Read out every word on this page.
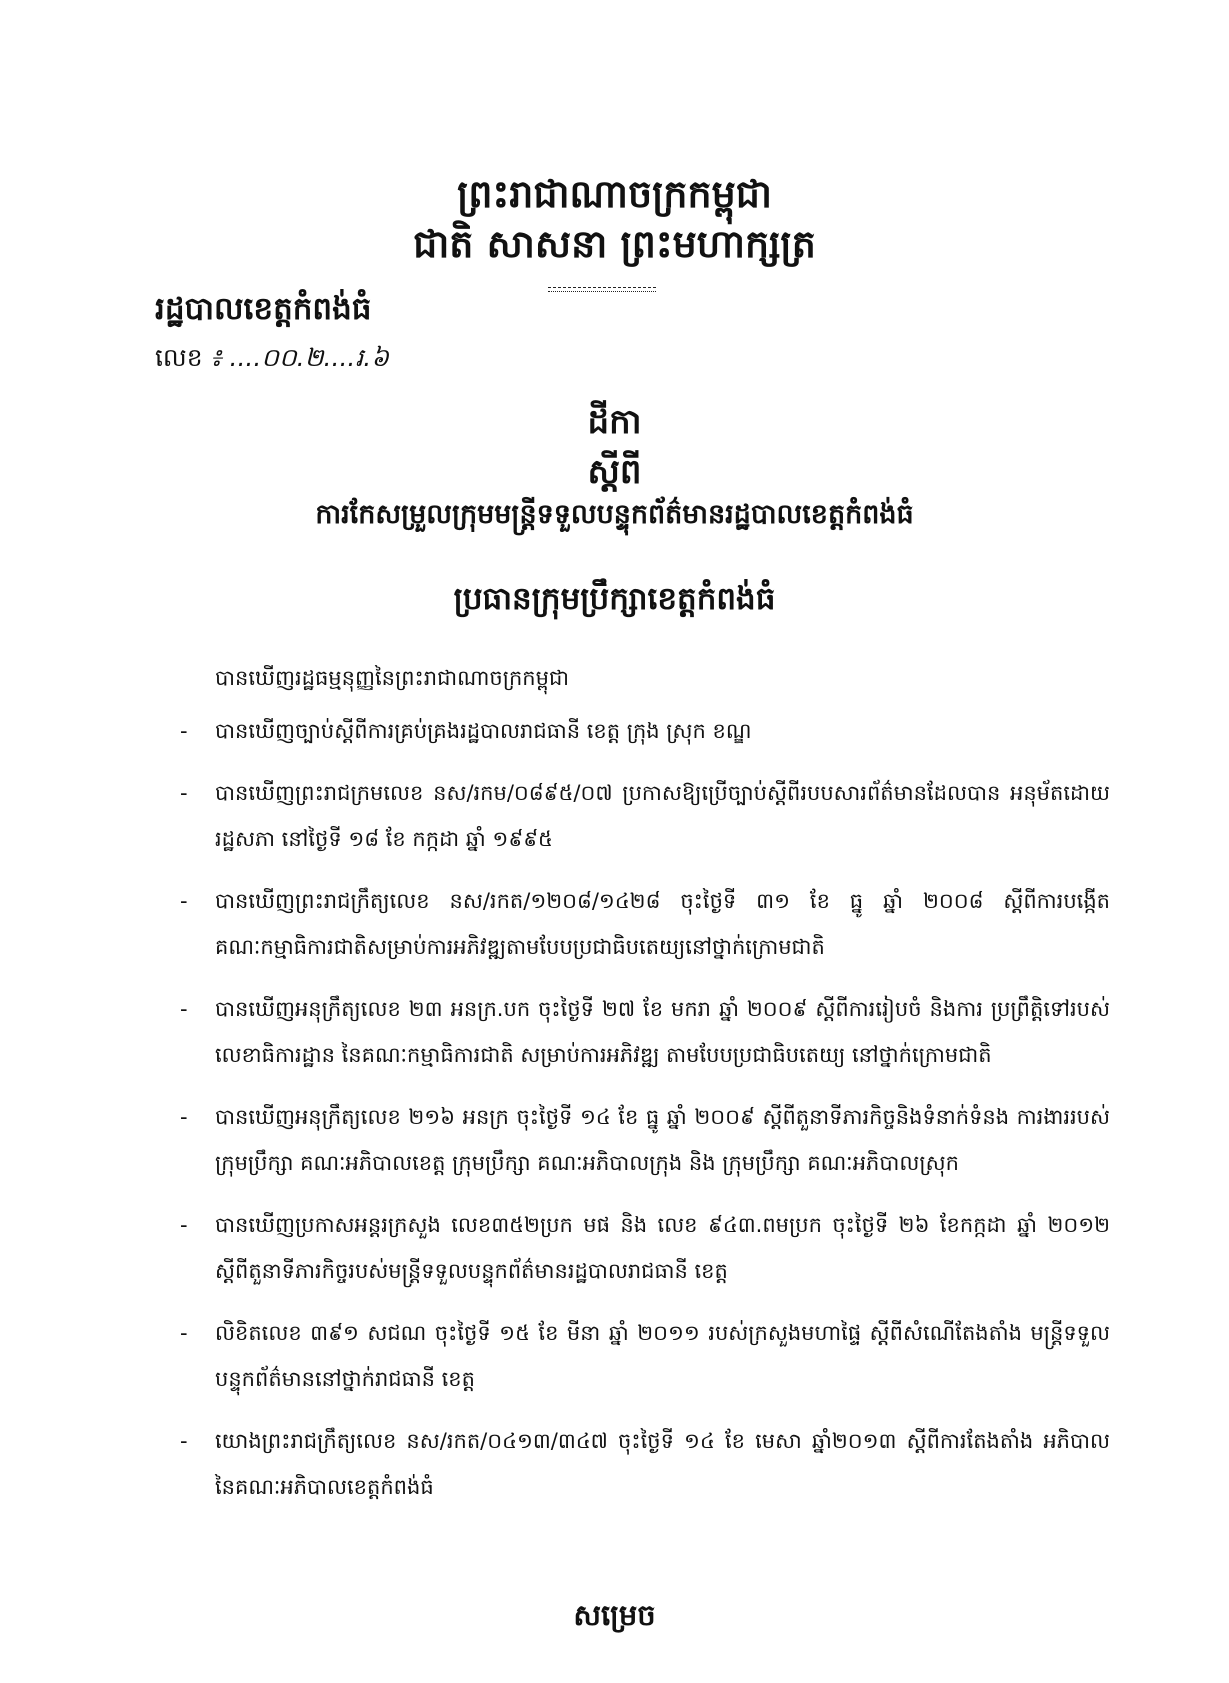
ព្រះរាជាណាចក្រកម្ពុជា
ជាតិ សាសនា ព្រះមហាក្សត្រ
រដ្ឋបាលខេត្តកំពង់ធំ
លេខ ៖ ....០០.២....រ.៦
ដីកា
ស្តីពី
ការកែសម្រួលក្រុមមន្ត្រីទទួលបន្ទុកព័ត៌មានរដ្ឋបាលខេត្តកំពង់ធំ
ប្រធានក្រុមប្រឹក្សាខេត្តកំពង់ធំ
បានឃើញរដ្ឋធម្មនុញ្ញនៃព្រះរាជាណាចក្រកម្ពុជា
- បានឃើញច្បាប់ស្តីពីការគ្រប់គ្រងរដ្ឋបាលរាជធានី ខេត្ត ក្រុង ស្រុក ខណ្ឌ
- បានឃើញព្រះរាជក្រមលេខ នស/រកម/០៨៩៥/០៧ ប្រកាសឱ្យប្រើច្បាប់ស្តីពីរបបសារព័ត៌មានដែលបាន អនុម័តដោយរដ្ឋសភា នៅថ្ងៃទី ១៨ ខែ កក្កដា ឆ្នាំ ១៩៩៥
- បានឃើញព្រះរាជក្រឹត្យលេខ នស/រកត/១២០៨/១៤២៨ ចុះថ្ងៃទី ៣១ ខែ ធ្នូ ឆ្នាំ ២០០៨ ស្តីពីការបង្កើត គណៈកម្មាធិការជាតិសម្រាប់ការអភិវឌ្ឍតាមបែបប្រជាធិបតេយ្យនៅថ្នាក់ក្រោមជាតិ
- បានឃើញអនុក្រឹត្យលេខ ២៣ អនក្រ.បក ចុះថ្ងៃទី ២៧ ខែ មករា ឆ្នាំ ២០០៩ ស្តីពីការរៀបចំ និងការ ប្រព្រឹត្តិទៅរបស់លេខាធិការដ្ឋាន នៃគណៈកម្មាធិការជាតិ សម្រាប់ការអភិវឌ្ឍ តាមបែបប្រជាធិបតេយ្យ នៅថ្នាក់ក្រោមជាតិ
- បានឃើញអនុក្រឹត្យលេខ ២១៦ អនក្រ ចុះថ្ងៃទី ១៤ ខែ ធ្នូ ឆ្នាំ ២០០៩ ស្តីពីតួនាទីភារកិច្ចនិងទំនាក់ទំនង ការងាររបស់ក្រុមប្រឹក្សា គណៈអភិបាលខេត្ត ក្រុមប្រឹក្សា គណៈអភិបាលក្រុង និង ក្រុមប្រឹក្សា គណៈអភិបាលស្រុក
- បានឃើញប្រកាសអន្តរក្រសួង លេខ៣៥២ប្រក មផ និង លេខ ៩៤៣.ពមប្រក ចុះថ្ងៃទី ២៦ ខែកក្កដា ឆ្នាំ ២០១២ ស្តីពីតួនាទីភារកិច្ចរបស់មន្ត្រីទទួលបន្ទុកព័ត៌មានរដ្ឋបាលរាជធានី ខេត្ត
- លិខិតលេខ ៣៩១ សជណ ចុះថ្ងៃទី ១៥ ខែ មីនា ឆ្នាំ ២០១១ របស់ក្រសួងមហាផ្ទៃ ស្តីពីសំណើតែងតាំង មន្ត្រីទទួលបន្ទុកព័ត៌មាននៅថ្នាក់រាជធានី ខេត្ត
- យោងព្រះរាជក្រឹត្យលេខ នស/រកត/០៤១៣/៣៤៧ ចុះថ្ងៃទី ១៤ ខែ មេសា ឆ្នាំ២០១៣ ស្តីពីការតែងតាំង អភិបាល នៃគណៈអភិបាលខេត្តកំពង់ធំ
សម្រេច
